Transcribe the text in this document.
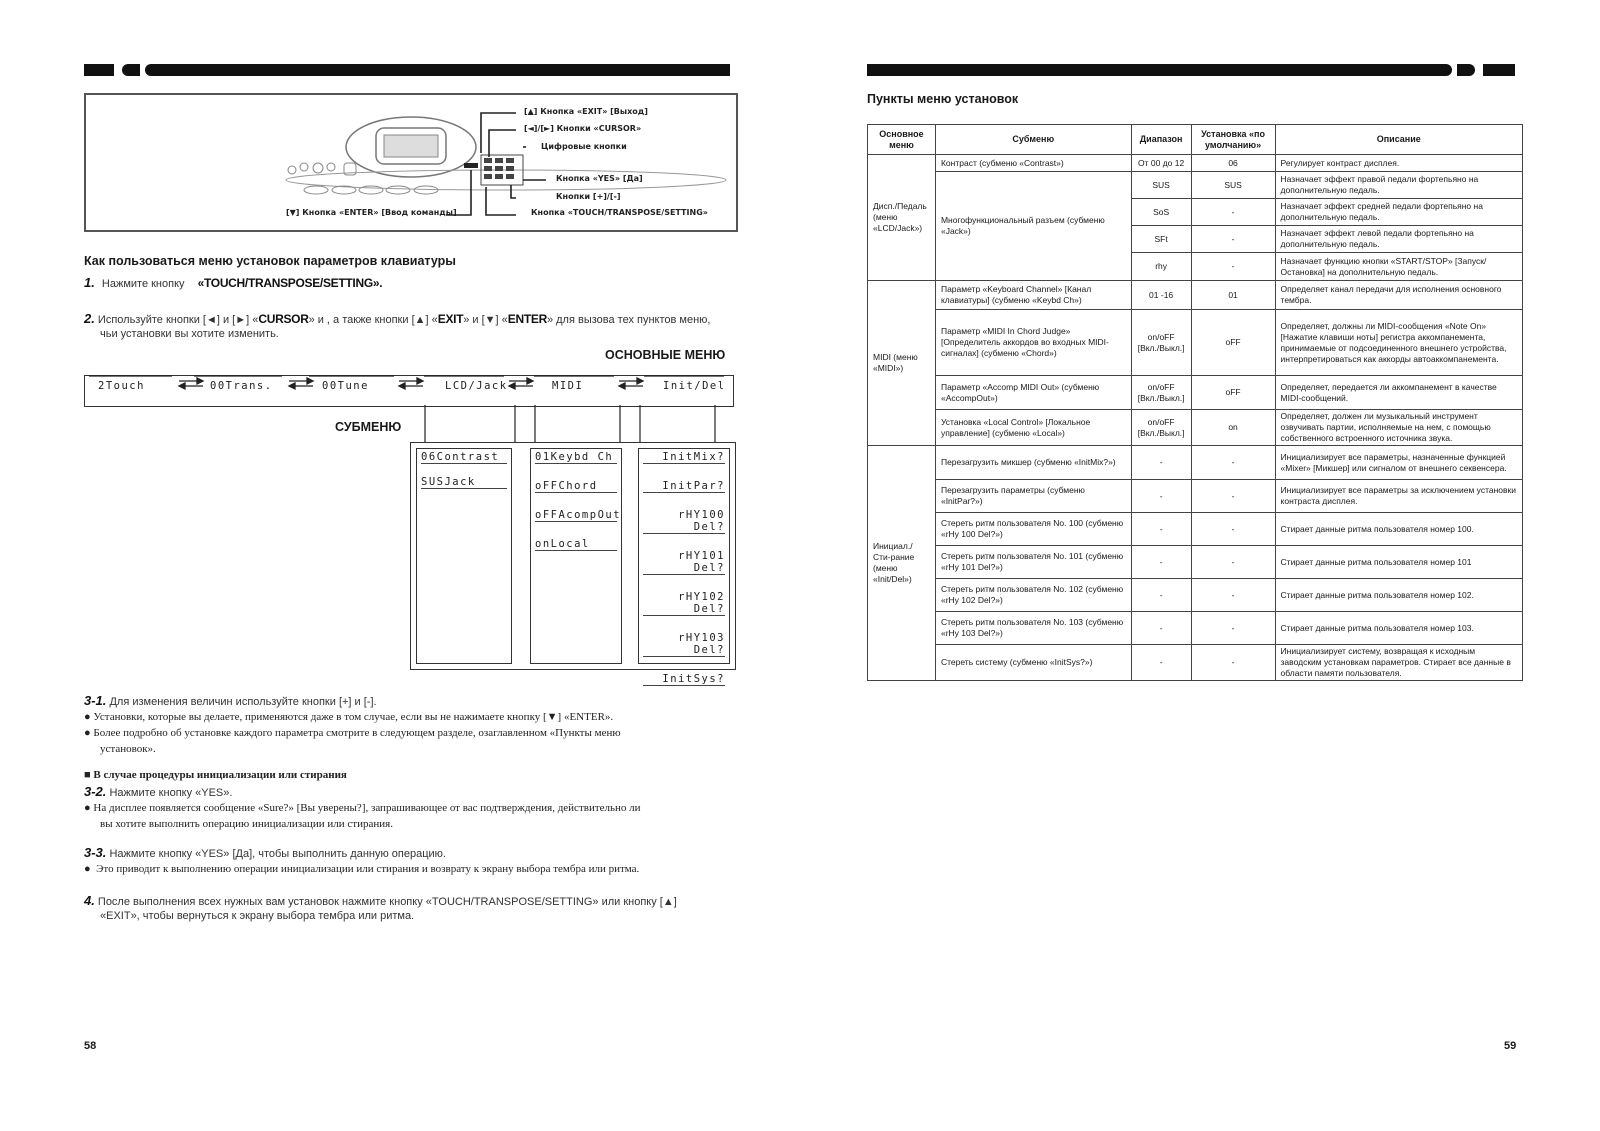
[▲] Кнопка «EXIT» [Выход]
[◄]/[►] Кнопки «CURSOR»
Цифровые кнопки
Кнопка «YES» [Да]
Кнопки [+]/[-]
[▼] Кнопка «ENTER» [Ввод команды]	Кнопка «TOUCH/TRANSPOSE/SETTING»
Как пользоваться меню установок параметров клавиатуры
1. Нажмите кнопку «TOUCH/TRANSPOSE/SETTING».
2. Используйте кнопки [◄] и [►] «CURSOR» и , а также кнопки [▲] «EXIT» и [▼] «ENTER» для вызова тех пунктов меню,
чьи установки вы хотите изменить.
ОСНОВНЫЕ МЕНЮ
2Touch	00Trans.	00Tune	LCD/Jack	MIDI	Init/Del
СУБМЕНЮ
06Contrast
SUSJack
01Keybd Ch
oFFChord
oFFAcompOut
onLocal
InitMix?
InitPar?
rHY100 Del?
rHY101 Del?
rHY102 Del?
rHY103 Del?
InitSys?
3-1. Для изменения величин используйте кнопки [+] и [-].
● Установки, которые вы делаете, применяются даже в том случае, если вы не нажимаете кнопку [▼] «ENTER».
● Более подробно об установке каждого параметра смотрите в следующем разделе, озаглавленном «Пункты меню
установок».
■ В случае процедуры инициализации или стирания
3-2. Нажмите кнопку «YES».
● На дисплее появляется сообщение «Sure?» [Вы уверены?], запрашивающее от вас подтверждения, действительно ли
вы хотите выполнить операцию инициализации или стирания.
3-3. Нажмите кнопку «YES» [Да], чтобы выполнить данную операцию.
●  Это приводит к выполнению операции инициализации или стирания и возврату к экрану выбора тембра или ритма.
4. После выполнения всех нужных вам установок нажмите кнопку «TOUCH/TRANSPOSE/SETTING» или кнопку [▲]
«EXIT», чтобы вернуться к экрану выбора тембра или ритма.
58
Пункты меню установок
Основное меню	Субменю	Диапазон	Установка «по умолчанию»	Описание
Дисп./Педаль (меню «LCD/Jack»)	Контраст (субменю «Contrast»)	От 00 до 12	06	Регулирует контраст дисплея.
	Многофункциональный разъем (субменю «Jack»)	SUS	SUS	Назначает эффект правой педали фортепьяно на дополнительную педаль.
		SoS	-	Назначает эффект средней педали фортепьяно на дополнительную педаль.
		SFt	-	Назначает эффект левой педали фортепьяно на дополнительную педаль.
		rhy	-	Назначает функцию кнопки «START/STOP» [Запуск/Остановка] на дополнительную педаль.
MIDI (меню «MIDI»)	Параметр «Keyboard Channel» [Канал клавиатуры] (субменю «Keybd Ch»)	01 -16	01	Определяет канал передачи для исполнения основного тембра.
	Параметр «MIDI In Chord Judge» [Определитель аккордов во входных MIDI-сигналах] (субменю «Chord»)	on/oFF [Вкл./Выкл.]	oFF	Определяет, должны ли MIDI-сообщения «Note On» [Нажатие клавиши ноты] регистра аккомпанемента, принимаемые от подсоединенного внешнего устройства, интерпретироваться как аккорды автоаккомпанемента.
	Параметр «Accomp MIDI Out» (субменю «AccompOut»)	on/oFF [Вкл./Выкл.]	oFF	Определяет, передается ли аккомпанемент в качестве MIDI-сообщений.
	Установка «Local Control» [Локальное управление] (субменю «Local»)	on/oFF [Вкл./Выкл.]	on	Определяет, должен ли музыкальный инструмент озвучивать партии, исполняемые на нем, с помощью собственного встроенного источника звука.
Инициал./Сти-рание (меню «Init/Del»)	Перезагрузить микшер (субменю «InitMix?»)	-	-	Инициализирует все параметры, назначенные функцией «Mixer» [Микшер] или сигналом от внешнего секвенсера.
	Перезагрузить параметры (субменю «InitPar?»)	-	-	Инициализирует все параметры за исключением установки контраста дисплея.
	Стереть ритм пользователя No. 100 (субменю «rHy 100 Del?»)	-	-	Стирает данные ритма пользователя номер 100.
	Стереть ритм пользователя No. 101 (субменю «rHy 101 Del?»)	-	-	Стирает данные ритма пользователя номер 101
	Стереть ритм пользователя No. 102 (субменю «rHy 102 Del?»)	-	-	Стирает данные ритма пользователя номер 102.
	Стереть ритм пользователя No. 103 (субменю «rHy 103 Del?»)	-	-	Стирает данные ритма пользователя номер 103.
	Стереть систему (субменю «InitSys?»)	-	-	Инициализирует систему, возвращая к исходным заводским установкам параметров. Стирает все данные в области памяти пользователя.
59
